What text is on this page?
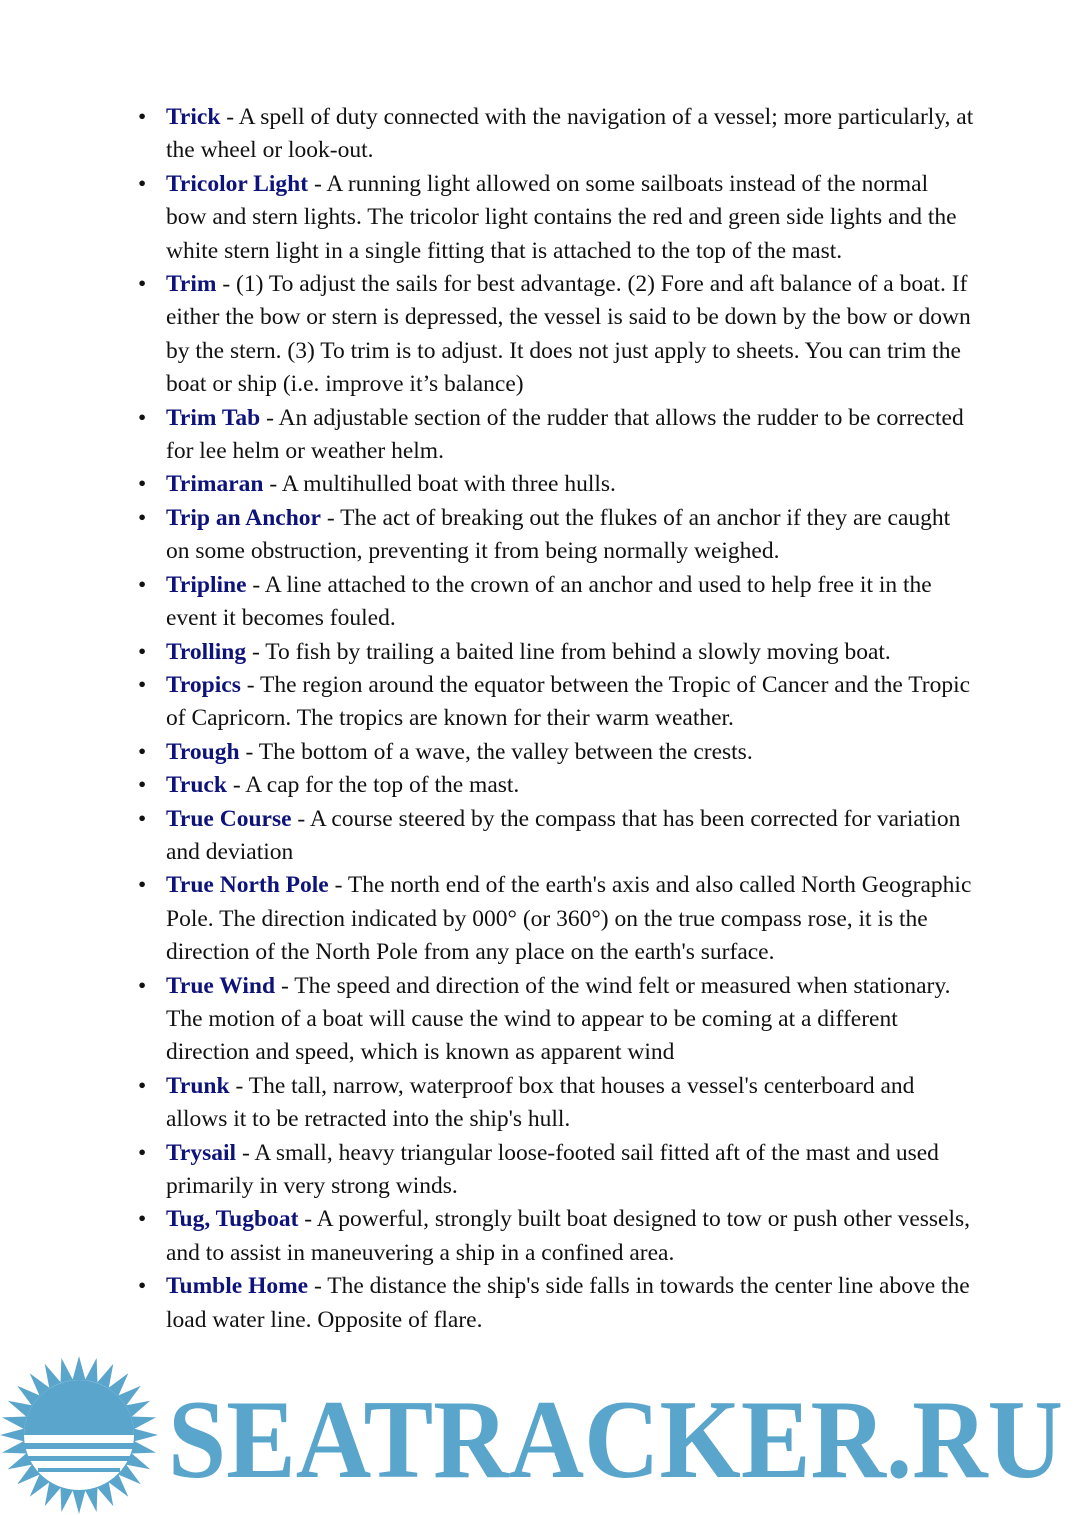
• Trick - A spell of duty connected with the navigation of a vessel; more particularly, at the wheel or look-out.
• Tricolor Light - A running light allowed on some sailboats instead of the normal bow and stern lights. The tricolor light contains the red and green side lights and the white stern light in a single fitting that is attached to the top of the mast.
• Trim - (1) To adjust the sails for best advantage. (2) Fore and aft balance of a boat. If either the bow or stern is depressed, the vessel is said to be down by the bow or down by the stern. (3) To trim is to adjust. It does not just apply to sheets. You can trim the boat or ship (i.e. improve it’s balance)
• Trim Tab - An adjustable section of the rudder that allows the rudder to be corrected for lee helm or weather helm.
• Trimaran - A multihulled boat with three hulls.
• Trip an Anchor - The act of breaking out the flukes of an anchor if they are caught on some obstruction, preventing it from being normally weighed.
• Tripline - A line attached to the crown of an anchor and used to help free it in the event it becomes fouled.
• Trolling - To fish by trailing a baited line from behind a slowly moving boat.
• Tropics - The region around the equator between the Tropic of Cancer and the Tropic of Capricorn. The tropics are known for their warm weather.
• Trough - The bottom of a wave, the valley between the crests.
• Truck - A cap for the top of the mast.
• True Course - A course steered by the compass that has been corrected for variation and deviation
• True North Pole - The north end of the earth's axis and also called North Geographic Pole. The direction indicated by 000° (or 360°) on the true compass rose, it is the direction of the North Pole from any place on the earth's surface.
• True Wind - The speed and direction of the wind felt or measured when stationary. The motion of a boat will cause the wind to appear to be coming at a different direction and speed, which is known as apparent wind
• Trunk - The tall, narrow, waterproof box that houses a vessel's centerboard and allows it to be retracted into the ship's hull.
• Trysail - A small, heavy triangular loose-footed sail fitted aft of the mast and used primarily in very strong winds.
• Tug, Tugboat - A powerful, strongly built boat designed to tow or push other vessels, and to assist in maneuvering a ship in a confined area.
• Tumble Home - The distance the ship's side falls in towards the center line above the load water line. Opposite of flare.
SEATRACKER.RU
